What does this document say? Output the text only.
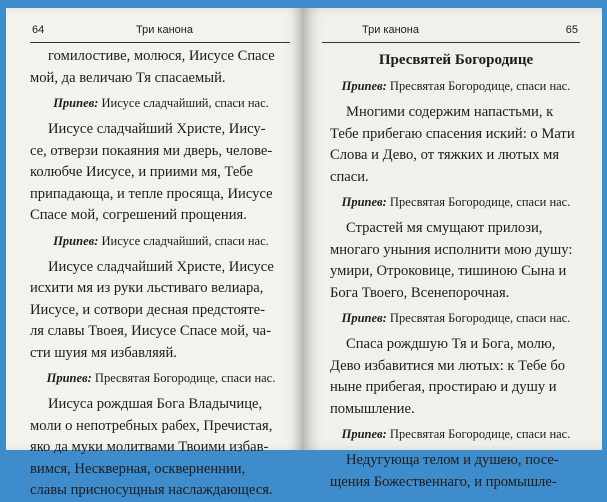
64	Три канона
гомилостиве, молюся, Иисусе Спасе
мой, да величаю Тя спасаемый.
Припев: Иисусе сладчайший, спаси нас.
Иисусе сладчайший Христе, Иису-
се, отверзи покаяния ми дверь, челове-
колюбче Иисусе, и приими мя, Тебе
припадающа, и тепле просяща, Иисусе
Спасе мой, согрешений прощения.
Припев: Иисусе сладчайший, спаси нас.
Иисусе сладчайший Христе, Иисусе
исхити мя из руки льстиваго велиара,
Иисусе, и сотвори десная предстояте-
ля славы Твоея, Иисусе Спасе мой, ча-
сти шуия мя избавляяй.
Припев: Пресвятая Богородице, спаси нас.
Иисуса рождшая Бога Владычице,
моли о непотребных рабех, Пречистая,
яко да муки молитвами Твоими избав-
вимся, Нескверная, оскверненнии,
славы присносущныя наслаждающеся.
Три канона	65
Пресвятей Богородице
Припев: Пресвятая Богородице, спаси нас.
Многими содержим напастьми, к
Тебе прибегаю спасения иский: о Мати
Слова и Дево, от тяжких и лютых мя
спаси.
Припев: Пресвятая Богородице, спаси нас.
Страстей мя смущают прилози,
многаго уныния исполнити мою душу:
умири, Отроковице, тишиною Сына и
Бога Твоего, Всенепорочная.
Припев: Пресвятая Богородице, спаси нас.
Спаса рождшую Тя и Бога, молю,
Дево избавитися ми лютых: к Тебе бо
ныне прибегая, простираю и душу и
помышление.
Припев: Пресвятая Богородице, спаси нас.
Недугующа телом и душею, посе-
щения Божественнаго, и промышле-
